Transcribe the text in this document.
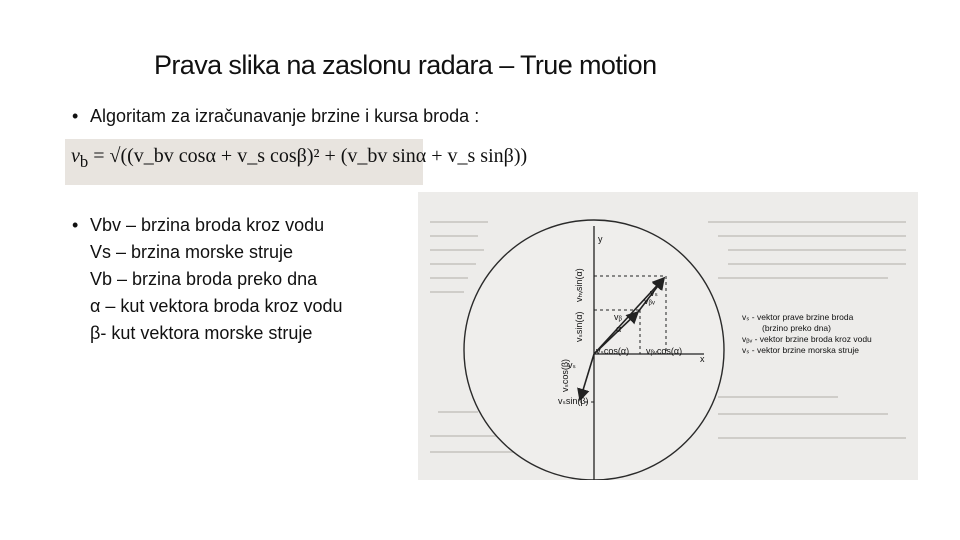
Prava slika na zaslonu radara – True motion
• Algoritam za izračunavanje brzine i kursa broda :
$v_b$ = √((v_bv cosα + v_s cosβ)² + (v_bv sinα + v_s sinβ))
• Vbv – brzina broda kroz vodu
Vs – brzina morske struje
Vb – brzina broda preko dna
α – kut vektora broda kroz vodu
β- kut vektora morske struje
y
x
vᵦᵥ
vₛ
vᵦ
α
vₛcos(α) vᵦᵥcos(α)
vₛ
vₛsin(β)
vₛsin(α)
vₕᵥsin(α)
vₛcos(β)
vₛ - vektor prave brzine broda
(brzino preko dna)
vᵦᵥ - vektor brzine broda kroz vodu
vₛ - vektor brzine morska struje
